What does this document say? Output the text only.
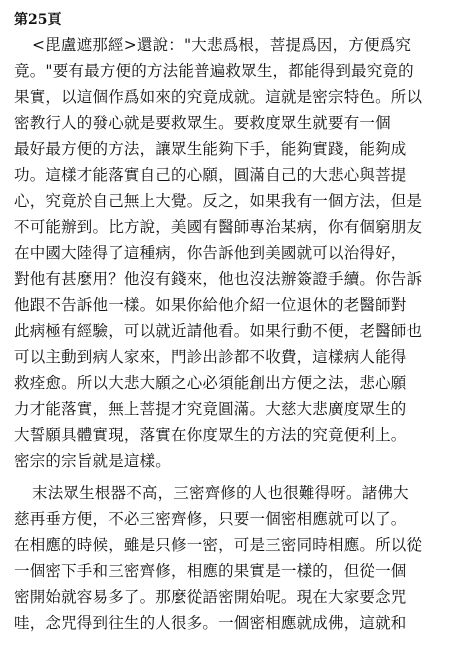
第25頁
<毘盧遮那經>還說："大悲爲根，菩提爲因，方便爲究
竟。"要有最方便的方法能普遍救眾生，都能得到最究竟的
果實，以這個作爲如來的究竟成就。這就是密宗特色。所以
密教行人的發心就是要救眾生。要救度眾生就要有一個
最好最方便的方法，讓眾生能夠下手，能夠實踐，能夠成
功。這樣才能落實自己的心願，圓滿自己的大悲心與菩提
心，究竟於自己無上大覺。反之，如果我有一個方法，但是
不可能辦到。比方說，美國有醫師專治某病，你有個窮朋友
在中國大陸得了這種病，你告訴他到美國就可以治得好，
對他有甚麼用？他沒有錢來，他也沒法辦簽證手續。你告訴
他跟不告訴他一樣。如果你給他介紹一位退休的老醫師對
此病極有經驗，可以就近請他看。如果行動不便，老醫師也
可以主動到病人家來，門診出診都不收費，這樣病人能得
救痊愈。所以大悲大願之心必須能創出方便之法，悲心願
力才能落實，無上菩提才究竟圓滿。大慈大悲廣度眾生的
大誓願具體實現，落實在你度眾生的方法的究竟便利上。
密宗的宗旨就是這樣。
末法眾生根器不高，三密齊修的人也很難得呀。諸佛大
慈再垂方便，不必三密齊修，只要一個密相應就可以了。
在相應的時候，雖是只修一密，可是三密同時相應。所以從
一個密下手和三密齊修，相應的果實是一樣的，但從一個
密開始就容易多了。那麼從語密開始呢。現在大家要念咒
哇，念咒得到往生的人很多。一個密相應就成佛，這就和
